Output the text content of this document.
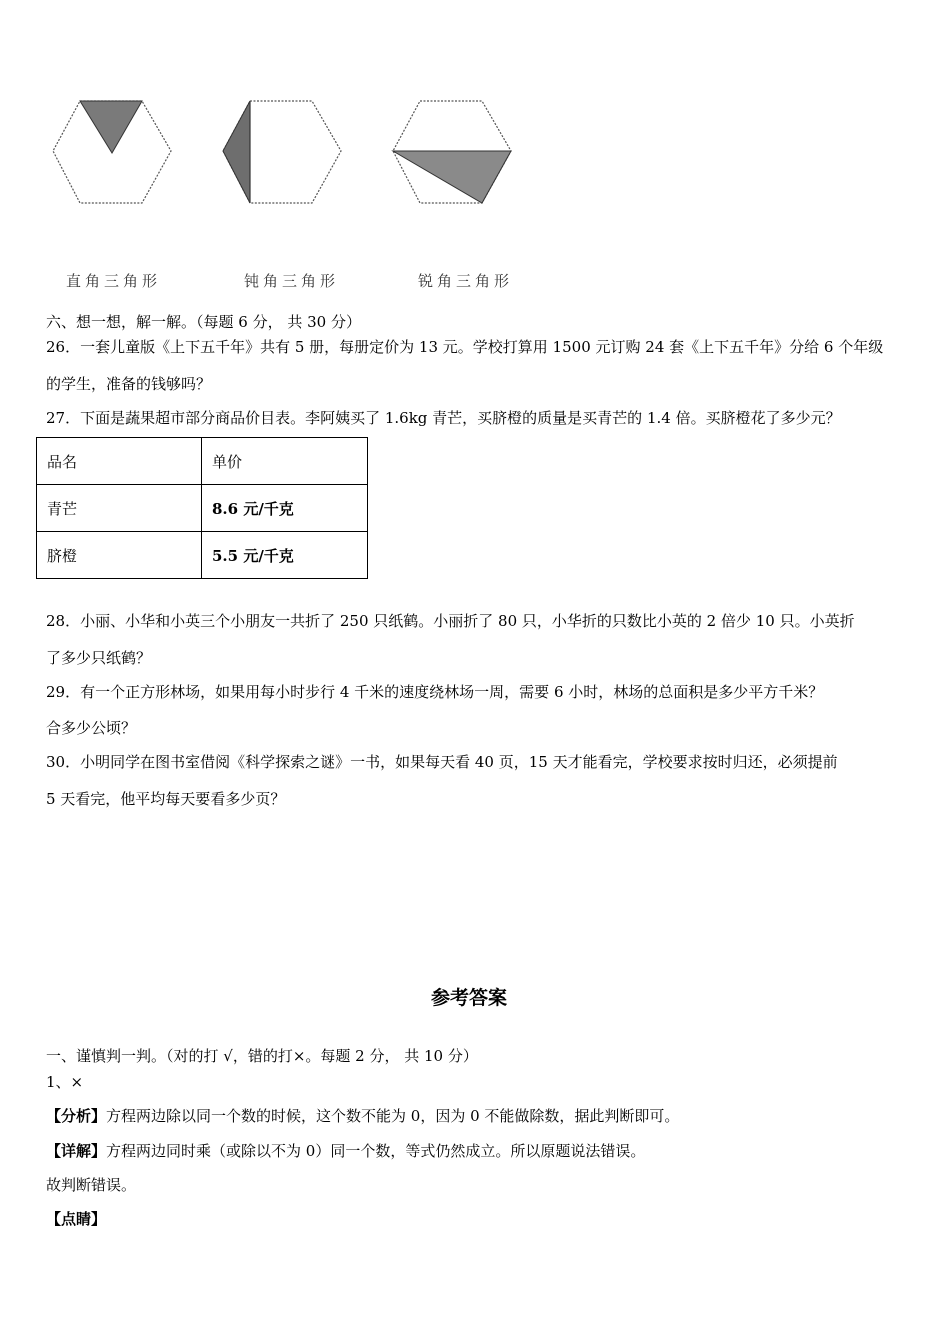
直角三角形	钝角三角形	锐角三角形
六、想一想，解一解。（每题 6 分， 共 30 分）
26．一套儿童版《上下五千年》共有 5 册，每册定价为 13 元。学校打算用 1500 元订购 24 套《上下五千年》分给 6 个年级
的学生，准备的钱够吗？
27．下面是蔬果超市部分商品价目表。李阿姨买了 1.6kg 青芒，买脐橙的质量是买青芒的 1.4 倍。买脐橙花了多少元？
品名	单价
青芒	8.6 元/千克
脐橙	5.5 元/千克
28．小丽、小华和小英三个小朋友一共折了 250 只纸鹤。小丽折了 80 只，小华折的只数比小英的 2 倍少 10 只。小英折
了多少只纸鹤？
29．有一个正方形林场，如果用每小时步行 4 千米的速度绕林场一周，需要 6 小时，林场的总面积是多少平方千米？
合多少公顷？
30．小明同学在图书室借阅《科学探索之谜》一书，如果每天看 40 页，15 天才能看完，学校要求按时归还，必须提前
5 天看完，他平均每天要看多少页？
参考答案
一、谨慎判一判。（对的打 √，错的打×。每题 2 分， 共 10 分）
1、×
【分析】方程两边除以同一个数的时候，这个数不能为 0，因为 0 不能做除数，据此判断即可。
【详解】方程两边同时乘（或除以不为 0）同一个数，等式仍然成立。所以原题说法错误。
故判断错误。
【点睛】
